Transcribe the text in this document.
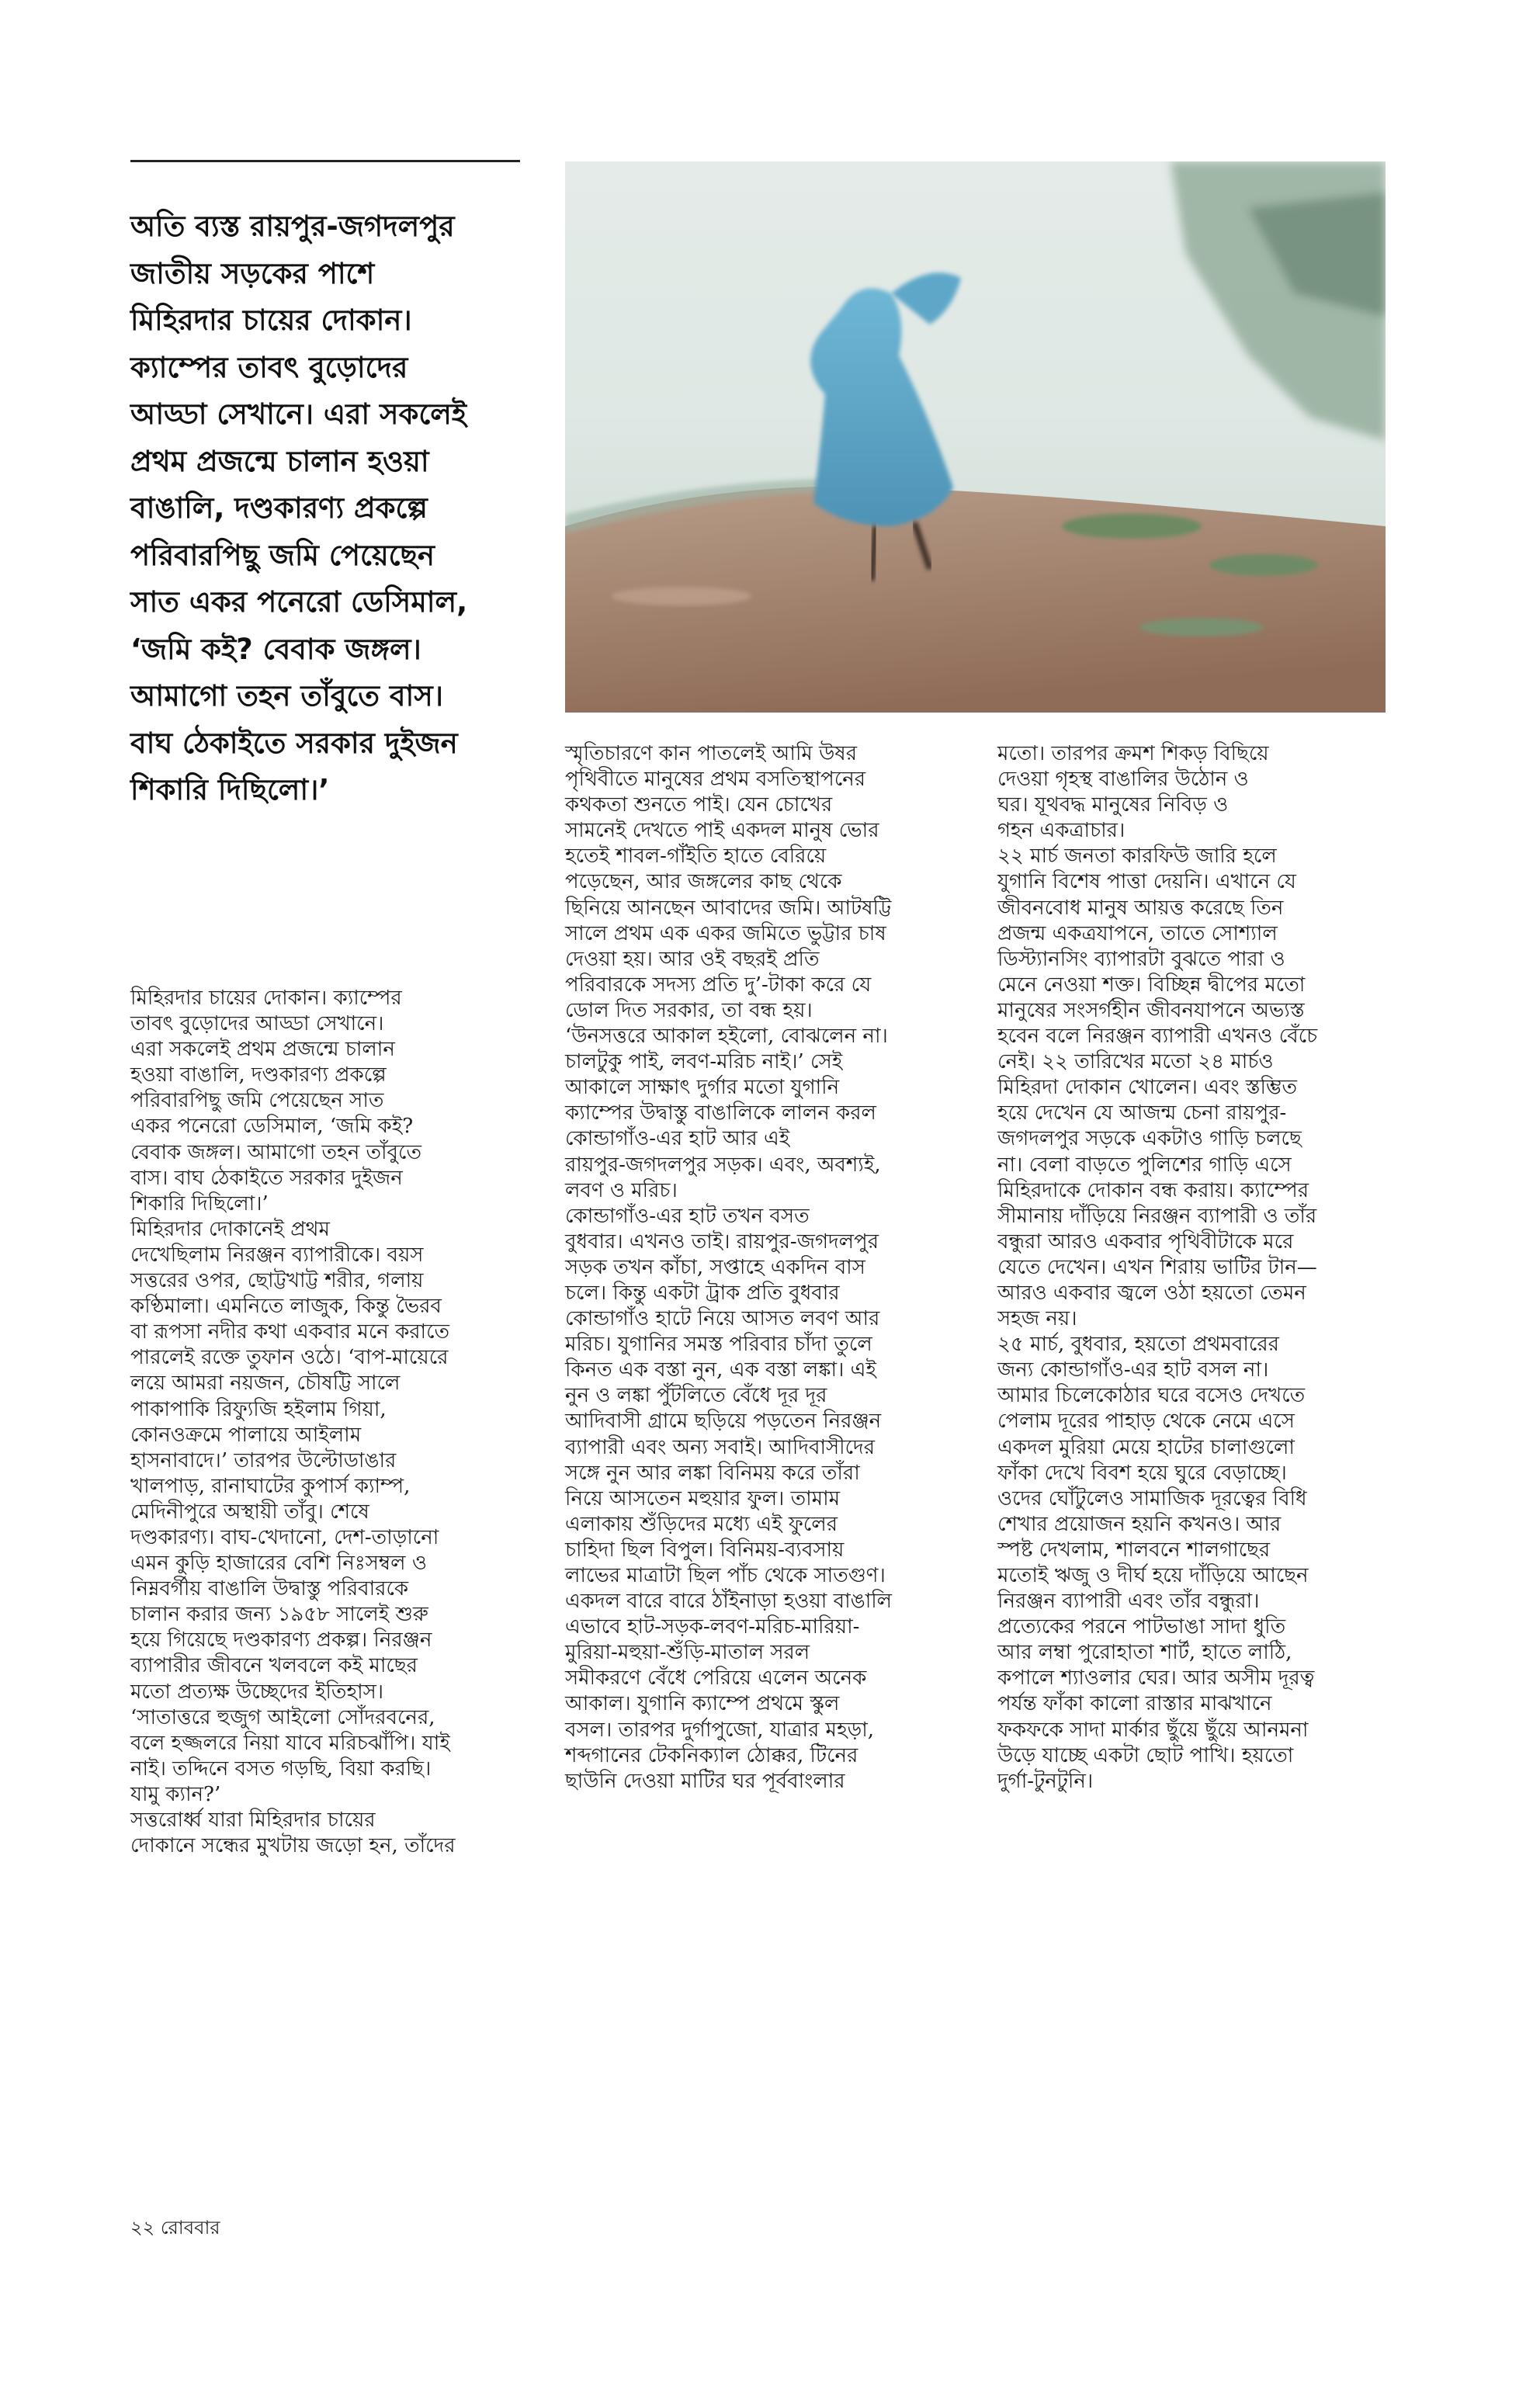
অতি ব্যস্ত রায়পুর-জগদলপুর
জাতীয় সড়কের পাশে
মিহিরদার চায়ের দোকান।
ক্যাম্পের তাবৎ বুড়োদের
আড্ডা সেখানে। এরা সকলেই
প্রথম প্রজন্মে চালান হওয়া
বাঙালি, দণ্ডকারণ্য প্রকল্পে
পরিবারপিছু জমি পেয়েছেন
সাত একর পনেরো ডেসিমাল,
‘জমি কই? বেবাক জঙ্গল।
আমাগো তহন তাঁবুতে বাস।
বাঘ ঠেকাইতে সরকার দুইজন
শিকারি দিছিলো।’
মিহিরদার চায়ের দোকান। ক্যাম্পের
তাবৎ বুড়োদের আড্ডা সেখানে।
এরা সকলেই প্রথম প্রজন্মে চালান
হওয়া বাঙালি, দণ্ডকারণ্য প্রকল্পে
পরিবারপিছু জমি পেয়েছেন সাত
একর পনেরো ডেসিমাল, ‘জমি কই?
বেবাক জঙ্গল। আমাগো তহন তাঁবুতে
বাস। বাঘ ঠেকাইতে সরকার দুইজন
শিকারি দিছিলো।’
মিহিরদার দোকানেই প্রথম
দেখেছিলাম নিরঞ্জন ব্যাপারীকে। বয়স
সত্তরের ওপর, ছোট্টখাট্ট শরীর, গলায়
কণ্ঠিমালা। এমনিতে লাজুক, কিন্তু ভৈরব
বা রূপসা নদীর কথা একবার মনে করাতে
পারলেই রক্তে তুফান ওঠে। ‘বাপ-মায়েরে
লয়ে আমরা নয়জন, চৌষট্টি সালে
পাকাপাকি রিফ্যুজি হইলাম গিয়া,
কোনওক্রমে পালায়ে আইলাম
হাসনাবাদে।’ তারপর উল্টোডাঙার
খালপাড়, রানাঘাটের কুপার্স ক্যাম্প,
মেদিনীপুরে অস্থায়ী তাঁবু। শেষে
দণ্ডকারণ্য। বাঘ-খেদানো, দেশ-তাড়ানো
এমন কুড়ি হাজারের বেশি নিঃসম্বল ও
নিম্নবর্গীয় বাঙালি উদ্বাস্তু পরিবারকে
চালান করার জন্য ১৯৫৮ সালেই শুরু
হয়ে গিয়েছে দণ্ডকারণ্য প্রকল্প। নিরঞ্জন
ব্যাপারীর জীবনে খলবলে কই মাছের
মতো প্রত্যক্ষ উচ্ছেদের ইতিহাস।
‘সাতাত্তরে হুজুগ আইলো সোঁদরবনের,
বলে হজ্জলরে নিয়া যাবে মরিচঝাঁপি। যাই
নাই। তদ্দিনে বসত গড়ছি, বিয়া করছি।
যামু ক্যান?’
সত্তরোর্ধ্ব যারা মিহিরদার চায়ের
দোকানে সন্ধের মুখটায় জড়ো হন, তাঁদের
স্মৃতিচারণে কান পাতলেই আমি উষর
পৃথিবীতে মানুষের প্রথম বসতিস্থাপনের
কথকতা শুনতে পাই। যেন চোখের
সামনেই দেখতে পাই একদল মানুষ ভোর
হতেই শাবল-গাঁইতি হাতে বেরিয়ে
পড়েছেন, আর জঙ্গলের কাছ থেকে
ছিনিয়ে আনছেন আবাদের জমি। আটষট্টি
সালে প্রথম এক একর জমিতে ভুট্টার চাষ
দেওয়া হয়। আর ওই বছরই প্রতি
পরিবারকে সদস্য প্রতি দু’-টাকা করে যে
ডোল দিত সরকার, তা বন্ধ হয়।
‘উনসত্তরে আকাল হইলো, বোঝলেন না।
চালটুকু পাই, লবণ-মরিচ নাই।’ সেই
আকালে সাক্ষাৎ দুর্গার মতো যুগানি
ক্যাম্পের উদ্বাস্তু বাঙালিকে লালন করল
কোন্ডাগাঁও-এর হাট আর এই
রায়পুর-জগদলপুর সড়ক। এবং, অবশ্যই,
লবণ ও মরিচ।
কোন্ডাগাঁও-এর হাট তখন বসত
বুধবার। এখনও তাই। রায়পুর-জগদলপুর
সড়ক তখন কাঁচা, সপ্তাহে একদিন বাস
চলে। কিন্তু একটা ট্রাক প্রতি বুধবার
কোন্ডাগাঁও হাটে নিয়ে আসত লবণ আর
মরিচ। যুগানির সমস্ত পরিবার চাঁদা তুলে
কিনত এক বস্তা নুন, এক বস্তা লঙ্কা। এই
নুন ও লঙ্কা পুঁটলিতে বেঁধে দূর দূর
আদিবাসী গ্রামে ছড়িয়ে পড়তেন নিরঞ্জন
ব্যাপারী এবং অন্য সবাই। আদিবাসীদের
সঙ্গে নুন আর লঙ্কা বিনিময় করে তাঁরা
নিয়ে আসতেন মহুয়ার ফুল। তামাম
এলাকায় শুঁড়িদের মধ্যে এই ফুলের
চাহিদা ছিল বিপুল। বিনিময়-ব্যবসায়
লাভের মাত্রাটা ছিল পাঁচ থেকে সাতগুণ।
একদল বারে বারে ঠাঁইনাড়া হওয়া বাঙালি
এভাবে হাট-সড়ক-লবণ-মরিচ-মারিয়া-
মুরিয়া-মহুয়া-শুঁড়ি-মাতাল সরল
সমীকরণে বেঁধে পেরিয়ে এলেন অনেক
আকাল। যুগানি ক্যাম্পে প্রথমে স্কুল
বসল। তারপর দুর্গাপুজো, যাত্রার মহড়া,
শব্দগানের টেকনিক্যাল ঠোক্কর, টিনের
ছাউনি দেওয়া মাটির ঘর পূর্ববাংলার
মতো। তারপর ক্রমশ শিকড় বিছিয়ে
দেওয়া গৃহস্থ বাঙালির উঠোন ও
ঘর। যূথবদ্ধ মানুষের নিবিড় ও
গহন একত্রাচার।
২২ মার্চ জনতা কারফিউ জারি হলে
যুগানি বিশেষ পাত্তা দেয়নি। এখানে যে
জীবনবোধ মানুষ আয়ত্ত করেছে তিন
প্রজন্ম একত্রযাপনে, তাতে সোশ্যাল
ডিস্ট্যানসিং ব্যাপারটা বুঝতে পারা ও
মেনে নেওয়া শক্ত। বিচ্ছিন্ন দ্বীপের মতো
মানুষের সংসর্গহীন জীবনযাপনে অভ্যস্ত
হবেন বলে নিরঞ্জন ব্যাপারী এখনও বেঁচে
নেই। ২২ তারিখের মতো ২৪ মার্চও
মিহিরদা দোকান খোলেন। এবং স্তম্ভিত
হয়ে দেখেন যে আজন্ম চেনা রায়পুর-
জগদলপুর সড়কে একটাও গাড়ি চলছে
না। বেলা বাড়তে পুলিশের গাড়ি এসে
মিহিরদাকে দোকান বন্ধ করায়। ক্যাম্পের
সীমানায় দাঁড়িয়ে নিরঞ্জন ব্যাপারী ও তাঁর
বন্ধুরা আরও একবার পৃথিবীটাকে মরে
যেতে দেখেন। এখন শিরায় ভাটির টান—
আরও একবার জ্বলে ওঠা হয়তো তেমন
সহজ নয়।
২৫ মার্চ, বুধবার, হয়তো প্রথমবারের
জন্য কোন্ডাগাঁও-এর হাট বসল না।
আমার চিলেকোঠার ঘরে বসেও দেখতে
পেলাম দূরের পাহাড় থেকে নেমে এসে
একদল মুরিয়া মেয়ে হাটের চালাগুলো
ফাঁকা দেখে বিবশ হয়ে ঘুরে বেড়াচ্ছে।
ওদের ঘোঁটুলেও সামাজিক দূরত্বের বিধি
শেখার প্রয়োজন হয়নি কখনও। আর
স্পষ্ট দেখলাম, শালবনে শালগাছের
মতোই ঋজু ও দীর্ঘ হয়ে দাঁড়িয়ে আছেন
নিরঞ্জন ব্যাপারী এবং তাঁর বন্ধুরা।
প্রত্যেকের পরনে পাটভাঙা সাদা ধুতি
আর লম্বা পুরোহাতা শার্ট, হাতে লাঠি,
কপালে শ্যাওলার ঘের। আর অসীম দূরত্ব
পর্যন্ত ফাঁকা কালো রাস্তার মাঝখানে
ফকফকে সাদা মার্কার ছুঁয়ে ছুঁয়ে আনমনা
উড়ে যাচ্ছে একটা ছোট পাখি। হয়তো
দুর্গা-টুনটুনি।
২২ রোববার
